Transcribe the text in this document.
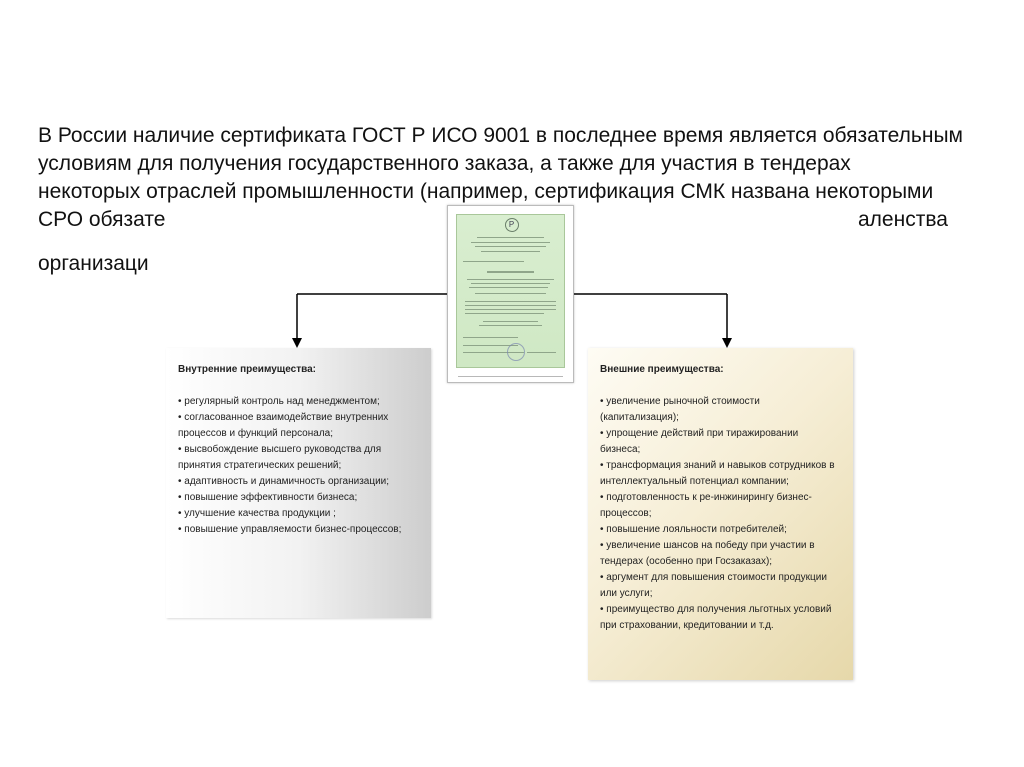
В России наличие сертификата ГОСТ Р ИСО 9001 в последнее время является обязательным
условиям для получения государственного заказа, а также для участия в тендерах
некоторых отраслей промышленности (например, сертификация СМК названа некоторыми
СРО обязате	аленства
организаци
Р
Внутренние преимущества:
• регулярный контроль над менеджментом;
• согласованное взаимодействие внутренних процессов и функций персонала;
• высвобождение высшего руководства для принятия стратегических решений;
• адаптивность и динамичность организации;
• повышение эффективности бизнеса;
• улучшение качества продукции ;
• повышение управляемости бизнес-процессов;
Внешние преимущества:
• увеличение рыночной стоимости (капитализация);
• упрощение действий при тиражировании бизнеса;
• трансформация знаний и навыков сотрудников в интеллектуальный потенциал компании;
• подготовленность к ре-инжинирингу бизнес-процессов;
• повышение лояльности потребителей;
• увеличение шансов на победу при участии в тендерах (особенно при Госзаказах);
• аргумент для повышения стоимости продукции или услуги;
• преимущество для получения льготных условий при страховании, кредитовании и т.д.
